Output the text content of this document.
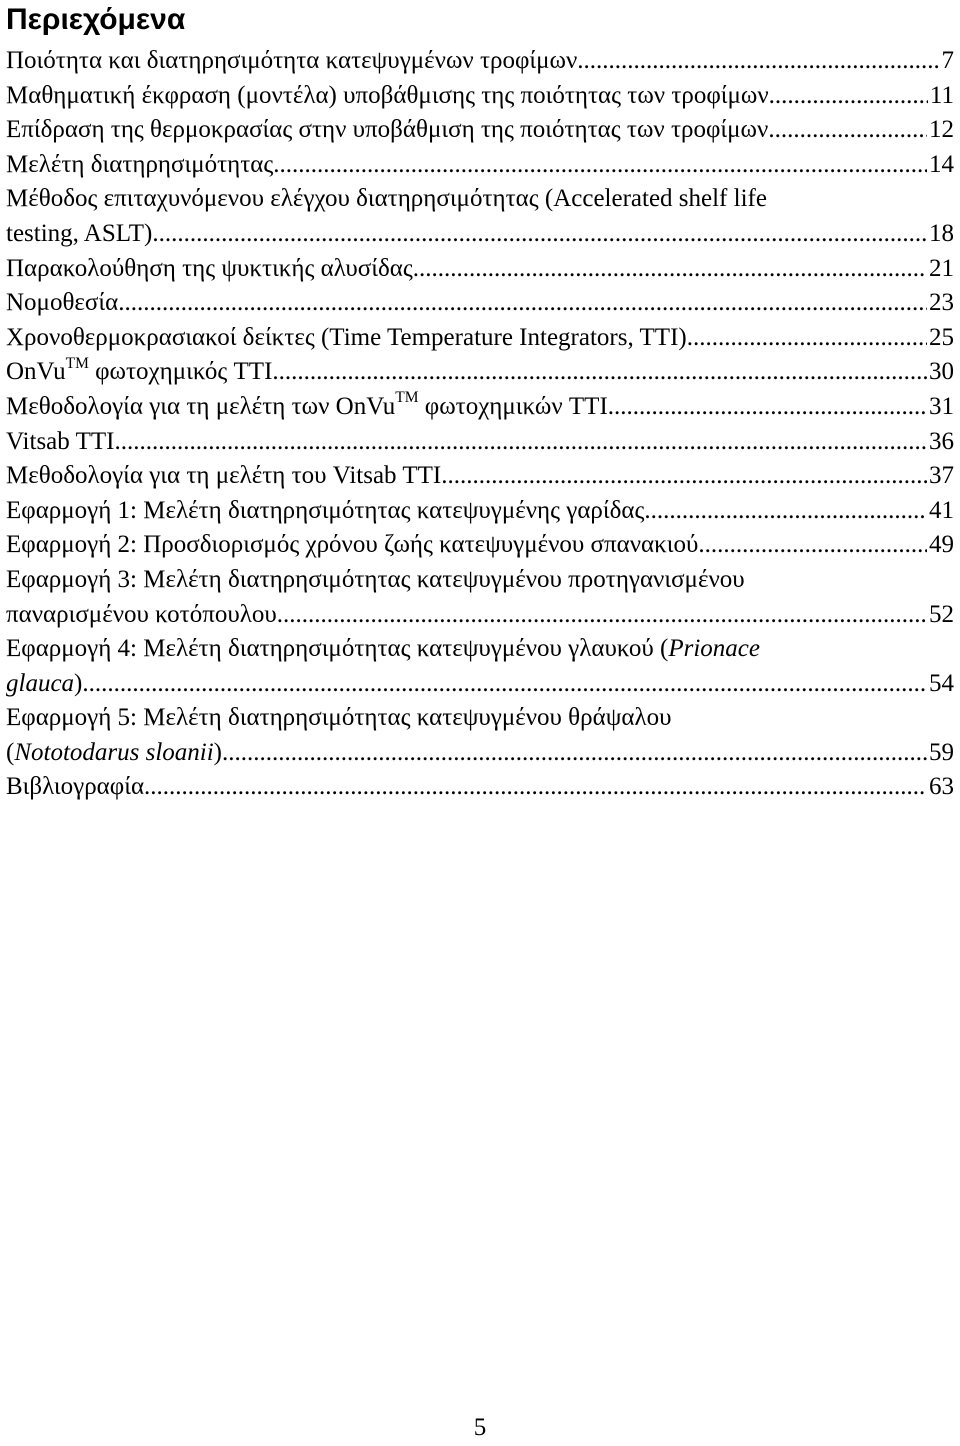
Περιεχόμενα
Ποιότητα και διατηρησιμότητα κατεψυγμένων τροφίμων .....	7
Μαθηματική έκφραση (μοντέλα) υποβάθμισης της ποιότητας των τροφίμων .....	11
Επίδραση της θερμοκρασίας στην υποβάθμιση της ποιότητας των τροφίμων .....	12
Μελέτη διατηρησιμότητας .....	14
Μέθοδος επιταχυνόμενου ελέγχου διατηρησιμότητας (Accelerated shelf life
testing, ASLT) .....	18
Παρακολούθηση της ψυκτικής αλυσίδας .....	21
Νομοθεσία .....	23
Χρονοθερμοκρασιακοί δείκτες (Time Temperature Integrators, TTI) .....	25
OnVu™ φωτοχημικός TTI .....	30
Μεθοδολογία για τη μελέτη των OnVu™ φωτοχημικών TTI .....	31
Vitsab TTI .....	36
Μεθοδολογία για τη μελέτη του Vitsab TTI .....	37
Εφαρμογή 1: Μελέτη διατηρησιμότητας κατεψυγμένης γαρίδας .....	41
Εφαρμογή 2: Προσδιορισμός χρόνου ζωής κατεψυγμένου σπανακιού .....	49
Εφαρμογή 3: Μελέτη διατηρησιμότητας κατεψυγμένου προτηγανισμένου
παναρισμένου κοτόπουλου .....	52
Εφαρμογή 4: Μελέτη διατηρησιμότητας κατεψυγμένου γλαυκού (Prionace
glauca) .....	54
Εφαρμογή 5: Μελέτη διατηρησιμότητας κατεψυγμένου θράψαλου
(Nototodarus sloanii) .....	59
Βιβλιογραφία .....	63
5
